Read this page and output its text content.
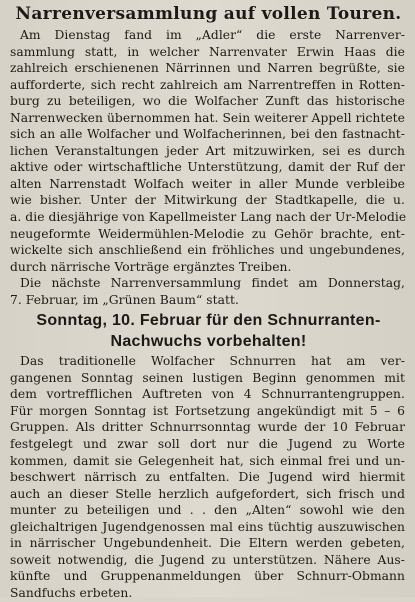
Narrenversammlung auf vollen Touren.
Am Dienstag fand im „Adler“ die erste Narrenver-
sammlung statt, in welcher Narrenvater Erwin Haas die
zahlreich erschienenen Närrinnen und Narren begrüßte, sie
aufforderte, sich recht zahlreich am Narrentreffen in Rotten-
burg zu beteiligen, wo die Wolfacher Zunft das historische
Narrenwecken übernommen hat. Sein weiterer Appell richtete
sich an alle Wolfacher und Wolfacherinnen, bei den fastnacht-
lichen Veranstaltungen jeder Art mitzuwirken, sei es durch
aktive oder wirtschaftliche Unterstützung, damit der Ruf der
alten Narrenstadt Wolfach weiter in aller Munde verbleibe
wie bisher. Unter der Mitwirkung der Stadtkapelle, die u.
a. die diesjährige von Kapellmeister Lang nach der Ur-Melodie
neugeformte Weidermühlen-Melodie zu Gehör brachte, ent-
wickelte sich anschließend ein fröhliches und ungebundenes,
durch närrische Vorträge ergänztes Treiben.
Die nächste Narrenversammlung findet am Donnerstag,
7. Februar, im „Grünen Baum“ statt.
Sonntag, 10. Februar für den Schnurranten-
Nachwuchs vorbehalten!
Das traditionelle Wolfacher Schnurren hat am ver-
gangenen Sonntag seinen lustigen Beginn genommen mit
dem vortrefflichen Auftreten von 4 Schnurrantengruppen.
Für morgen Sonntag ist Fortsetzung angekündigt mit 5 – 6
Gruppen. Als dritter Schnurrsonntag wurde der 10 Februar
festgelegt und zwar soll dort nur die Jugend zu Worte
kommen, damit sie Gelegenheit hat, sich einmal frei und un-
beschwert närrisch zu entfalten. Die Jugend wird hiermit
auch an dieser Stelle herzlich aufgefordert, sich frisch und
munter zu beteiligen und . . den „Alten“ sowohl wie den
gleichaltrigen Jugendgenossen mal eins tüchtig auszuwischen
in närrischer Ungebundenheit. Die Eltern werden gebeten,
soweit notwendig, die Jugend zu unterstützen. Nähere Aus-
künfte und Gruppenanmeldungen über Schnurr-Obmann
Sandfuchs erbeten.
